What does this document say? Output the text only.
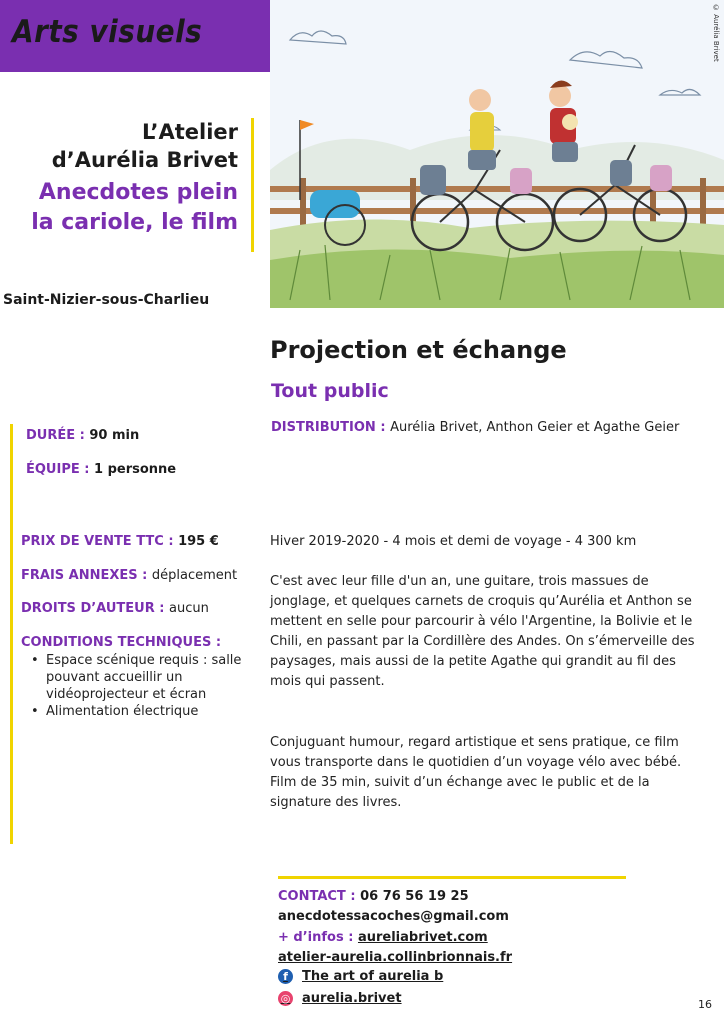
Arts visuels
L’Atelier
d’Aurélia Brivet
Anecdotes plein
la cariole, le film
Saint-Nizier-sous-Charlieu
© Aurélia Brivet
Projection et échange
Tout public
DISTRIBUTION : Aurélia Brivet, Anthon Geier et Agathe Geier
DURÉE : 90 min
ÉQUIPE : 1 personne
PRIX DE VENTE TTC : 195 €
FRAIS ANNEXES : déplacement
DROITS D’AUTEUR : aucun
CONDITIONS TECHNIQUES :
• Espace scénique requis : salle pouvant accueillir un vidéoprojecteur et écran
• Alimentation électrique
Hiver 2019-2020 - 4 mois et demi de voyage - 4 300 km
C'est avec leur fille d'un an, une guitare, trois massues de jonglage, et quelques carnets de croquis qu’Aurélia et Anthon se mettent en selle pour parcourir à vélo l'Argentine, la Bolivie et le Chili, en passant par la Cordillère des Andes. On s’émerveille des paysages, mais aussi de la petite Agathe qui grandit au fil des mois qui passent.
Conjuguant humour, regard artistique et sens pratique, ce film vous transporte dans le quotidien d’un voyage vélo avec bébé. Film de 35 min, suivit d’un échange avec le public et de la signature des livres.
CONTACT : 06 76 56 19 25
anecdotessacoches@gmail.com
+ d’infos : aureliabrivet.com
atelier-aurelia.collinbrionnais.fr
f	The art of aurelia b
◎ aurelia.brivet	16
